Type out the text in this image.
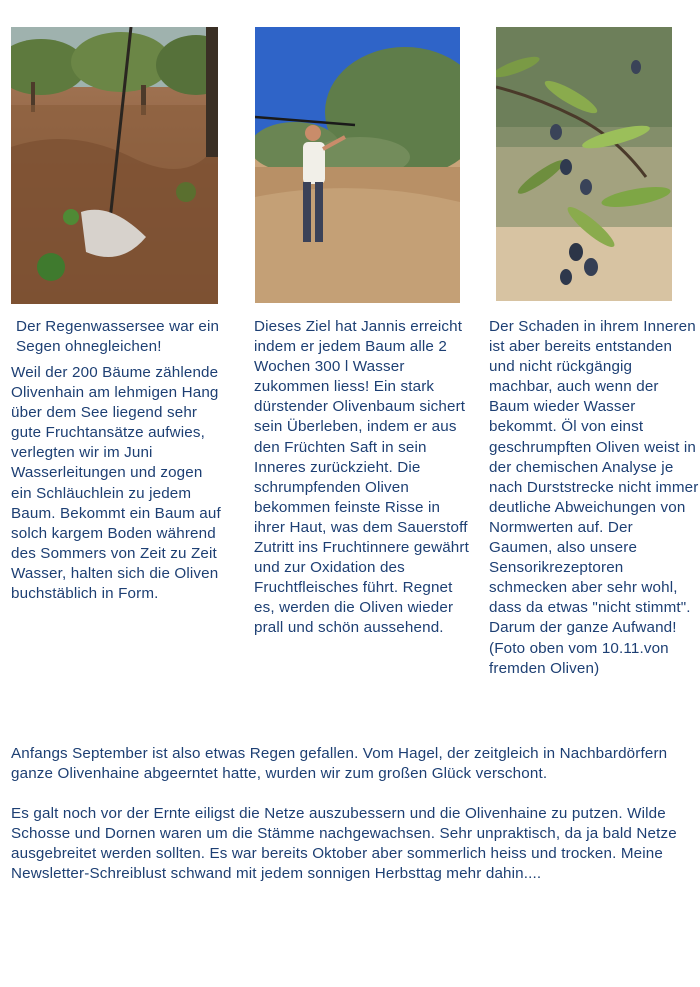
Der Regenwassersee war ein Segen ohnegleichen!
Weil der 200 Bäume zählende Olivenhain am lehmigen Hang über dem See liegend sehr gute Fruchtansätze aufwies, verlegten wir im Juni Wasserleitungen und zogen ein Schläuchlein zu jedem Baum. Bekommt ein Baum auf solch kargem Boden während des Sommers von Zeit zu Zeit Wasser, halten sich die Oliven buchstäblich in Form.
Dieses Ziel hat Jannis erreicht indem er jedem Baum alle 2 Wochen 300 l Wasser zukommen liess! Ein stark dürstender Olivenbaum sichert sein Überleben, indem er aus den Früchten Saft in sein Inneres zurückzieht. Die schrumpfenden Oliven bekommen feinste Risse in ihrer Haut, was dem Sauerstoff Zutritt ins Fruchtinnere gewährt und zur Oxidation des Fruchtfleisches führt. Regnet es, werden die Oliven wieder prall und schön aussehend.
Der Schaden in ihrem Inneren ist aber bereits entstanden und nicht rückgängig machbar, auch wenn der Baum wieder Wasser bekommt. Öl von einst geschrumpften Oliven weist in der chemischen Analyse je nach Durststrecke nicht immer deutliche Abweichungen von Normwerten auf. Der Gaumen, also unsere Sensorikrezeptoren schmecken aber sehr wohl, dass da etwas "nicht stimmt". Darum der ganze Aufwand! (Foto oben vom 10.11.von fremden Oliven)
Anfangs September ist also etwas Regen gefallen. Vom Hagel, der zeitgleich in Nachbardörfern ganze Olivenhaine abgeerntet hatte, wurden wir zum großen Glück verschont.
Es galt noch vor der Ernte eiligst die Netze auszubessern und die Olivenhaine zu putzen. Wilde Schosse und Dornen waren um die Stämme nachgewachsen. Sehr unpraktisch, da ja bald Netze ausgebreitet werden sollten. Es war bereits Oktober aber sommerlich heiss und trocken. Meine Newsletter-Schreiblust schwand mit jedem sonnigen Herbsttag mehr dahin....
